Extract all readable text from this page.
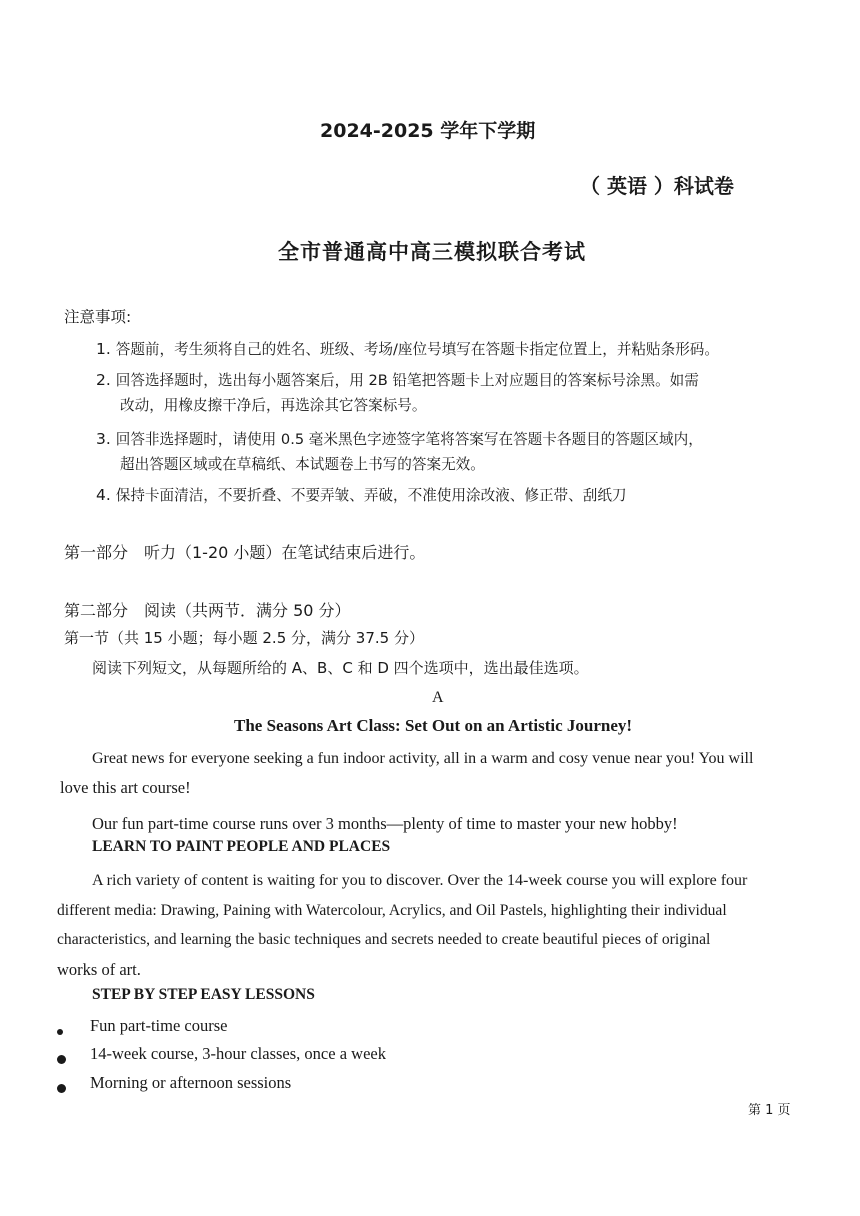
2024-2025 学年下学期
（ 英语 ）科试卷
全市普通高中高三模拟联合考试
注意事项:
1. 答题前，考生须将自己的姓名、班级、考场/座位号填写在答题卡指定位置上，并粘贴条形码。
2. 回答选择题时，选出每小题答案后，用 2B 铅笔把答题卡上对应题目的答案标号涂黑。如需
改动，用橡皮擦干净后，再选涂其它答案标号。
3. 回答非选择题时，请使用 0.5 毫米黑色字迹签字笔将答案写在答题卡各题目的答题区域内，
超出答题区域或在草稿纸、本试题卷上书写的答案无效。
4. 保持卡面清洁，不要折叠、不要弄皱、弄破，不准使用涂改液、修正带、刮纸刀
第一部分　听力（1-20 小题）在笔试结束后进行。
第二部分　阅读（共两节．满分 50 分）
第一节（共 15 小题；每小题 2.5 分，满分 37.5 分）
阅读下列短文，从每题所给的 A、B、C 和 D 四个选项中，选出最佳选项。
A
The Seasons Art Class: Set Out on an Artistic Journey!
Great news for everyone seeking a fun indoor activity, all in a warm and cosy venue near you! You will
love this art course!
Our fun part-time course runs over 3 months—plenty of time to master your new hobby!
LEARN TO PAINT PEOPLE AND PLACES
A rich variety of content is waiting for you to discover. Over the 14-week course you will explore four
different media: Drawing, Paining with Watercolour, Acrylics, and Oil Pastels, highlighting their individual
characteristics, and learning the basic techniques and secrets needed to create beautiful pieces of original
works of art.
STEP BY STEP EASY LESSONS
Fun part-time course
14-week course, 3-hour classes, once a week
Morning or afternoon sessions
第 1 页
